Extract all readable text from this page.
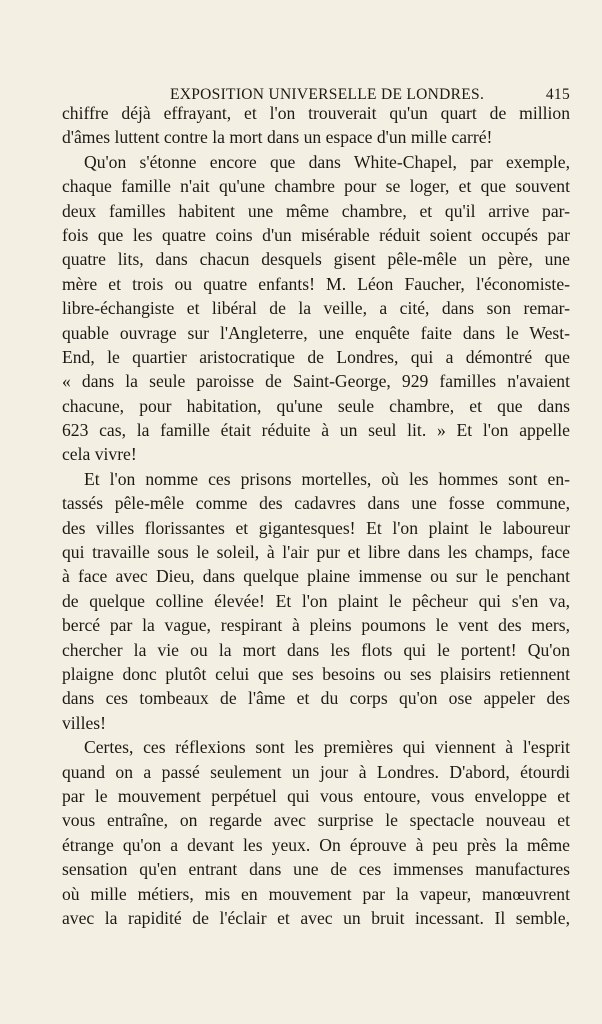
EXPOSITION UNIVERSELLE DE LONDRES.	415
chiffre déjà effrayant, et l'on trouverait qu'un quart de million
d'âmes luttent contre la mort dans un espace d'un mille carré!
Qu'on s'étonne encore que dans White-Chapel, par exemple,
chaque famille n'ait qu'une chambre pour se loger, et que souvent
deux familles habitent une même chambre, et qu'il arrive par-
fois que les quatre coins d'un misérable réduit soient occupés par
quatre lits, dans chacun desquels gisent pêle-mêle un père, une
mère et trois ou quatre enfants! M. Léon Faucher, l'économiste-
libre-échangiste et libéral de la veille, a cité, dans son remar-
quable ouvrage sur l'Angleterre, une enquête faite dans le West-
End, le quartier aristocratique de Londres, qui a démontré que
« dans la seule paroisse de Saint-George, 929 familles n'avaient
chacune, pour habitation, qu'une seule chambre, et que dans
623 cas, la famille était réduite à un seul lit. » Et l'on appelle
cela vivre!
Et l'on nomme ces prisons mortelles, où les hommes sont en-
tassés pêle-mêle comme des cadavres dans une fosse commune,
des villes florissantes et gigantesques! Et l'on plaint le laboureur
qui travaille sous le soleil, à l'air pur et libre dans les champs, face
à face avec Dieu, dans quelque plaine immense ou sur le penchant
de quelque colline élevée! Et l'on plaint le pêcheur qui s'en va,
bercé par la vague, respirant à pleins poumons le vent des mers,
chercher la vie ou la mort dans les flots qui le portent! Qu'on
plaigne donc plutôt celui que ses besoins ou ses plaisirs retiennent
dans ces tombeaux de l'âme et du corps qu'on ose appeler des
villes!
Certes, ces réflexions sont les premières qui viennent à l'esprit
quand on a passé seulement un jour à Londres. D'abord, étourdi
par le mouvement perpétuel qui vous entoure, vous enveloppe et
vous entraîne, on regarde avec surprise le spectacle nouveau et
étrange qu'on a devant les yeux. On éprouve à peu près la même
sensation qu'en entrant dans une de ces immenses manufactures
où mille métiers, mis en mouvement par la vapeur, manœuvrent
avec la rapidité de l'éclair et avec un bruit incessant. Il semble,
